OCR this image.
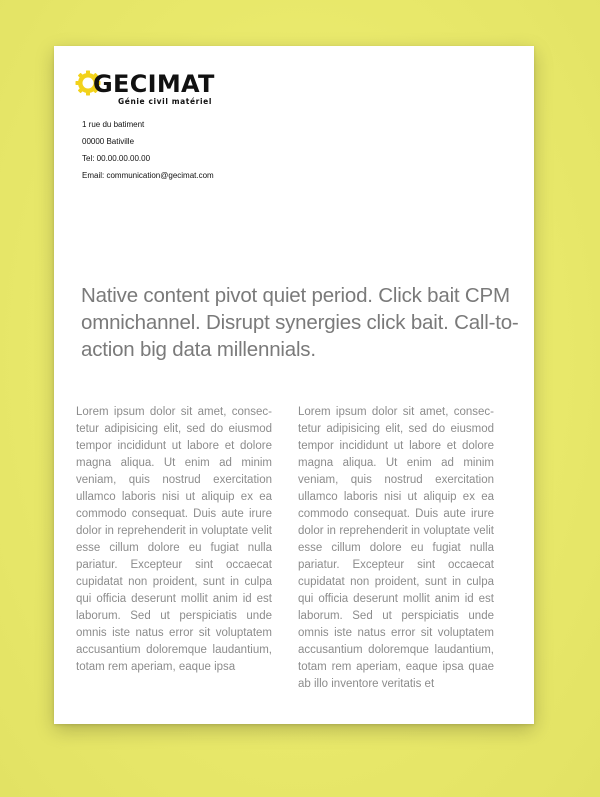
GECIMAT
Génie civil matériel
1 rue du batiment
00000 Bativille
Tel: 00.00.00.00.00
Email: communication@gecimat.com
Native content pivot quiet period. Click bait CPM omnichannel. Disrupt synergies click bait. Call-to-action big data millennials.
Lorem ipsum dolor sit amet, consectetur adipisicing elit, sed do eiusmod tempor incididunt ut labore et dolore magna aliqua. Ut enim ad minim veniam, quis nostrud exercitation ullamco laboris nisi ut aliquip ex ea commodo consequat. Duis aute irure dolor in reprehenderit in voluptate velit esse cillum dolore eu fugiat nulla pariatur. Excepteur sint occaecat cupidatat non proident, sunt in culpa qui officia deserunt mollit anim id est laborum. Sed ut perspiciatis unde omnis iste natus error sit voluptatem accusantium doloremque laudantium, totam rem aperiam, eaque ipsa
Lorem ipsum dolor sit amet, consectetur adipisicing elit, sed do eiusmod tempor incididunt ut labore et dolore magna aliqua. Ut enim ad minim veniam, quis nostrud exercitation ullamco laboris nisi ut aliquip ex ea commodo consequat. Duis aute irure dolor in reprehenderit in voluptate velit esse cillum dolore eu fugiat nulla pariatur. Excepteur sint occaecat cupidatat non proident, sunt in culpa qui officia deserunt mollit anim id est laborum. Sed ut perspiciatis unde omnis iste natus error sit voluptatem accusantium doloremque laudantium, totam rem aperiam, eaque ipsa quae ab illo inventore veritatis et
